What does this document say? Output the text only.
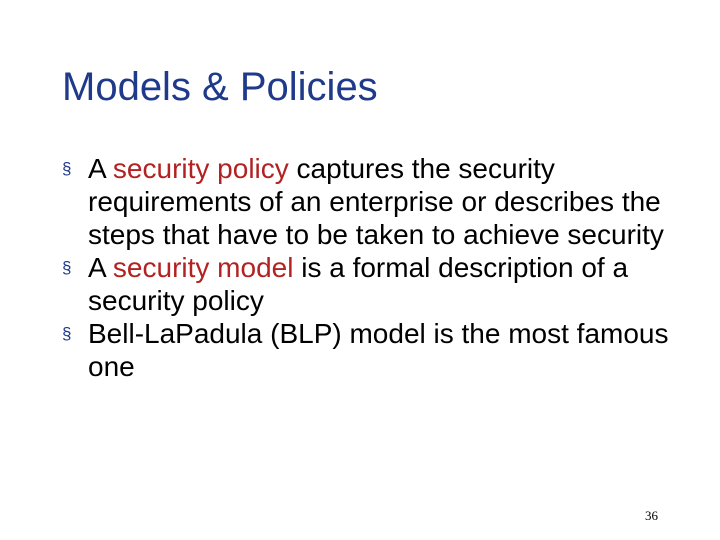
Models & Policies
§ A security policy captures the security requirements of an enterprise or describes the steps that have to be taken to achieve security
§ A security model is a formal description of a security policy
§ Bell-LaPadula (BLP) model is the most famous one
36
